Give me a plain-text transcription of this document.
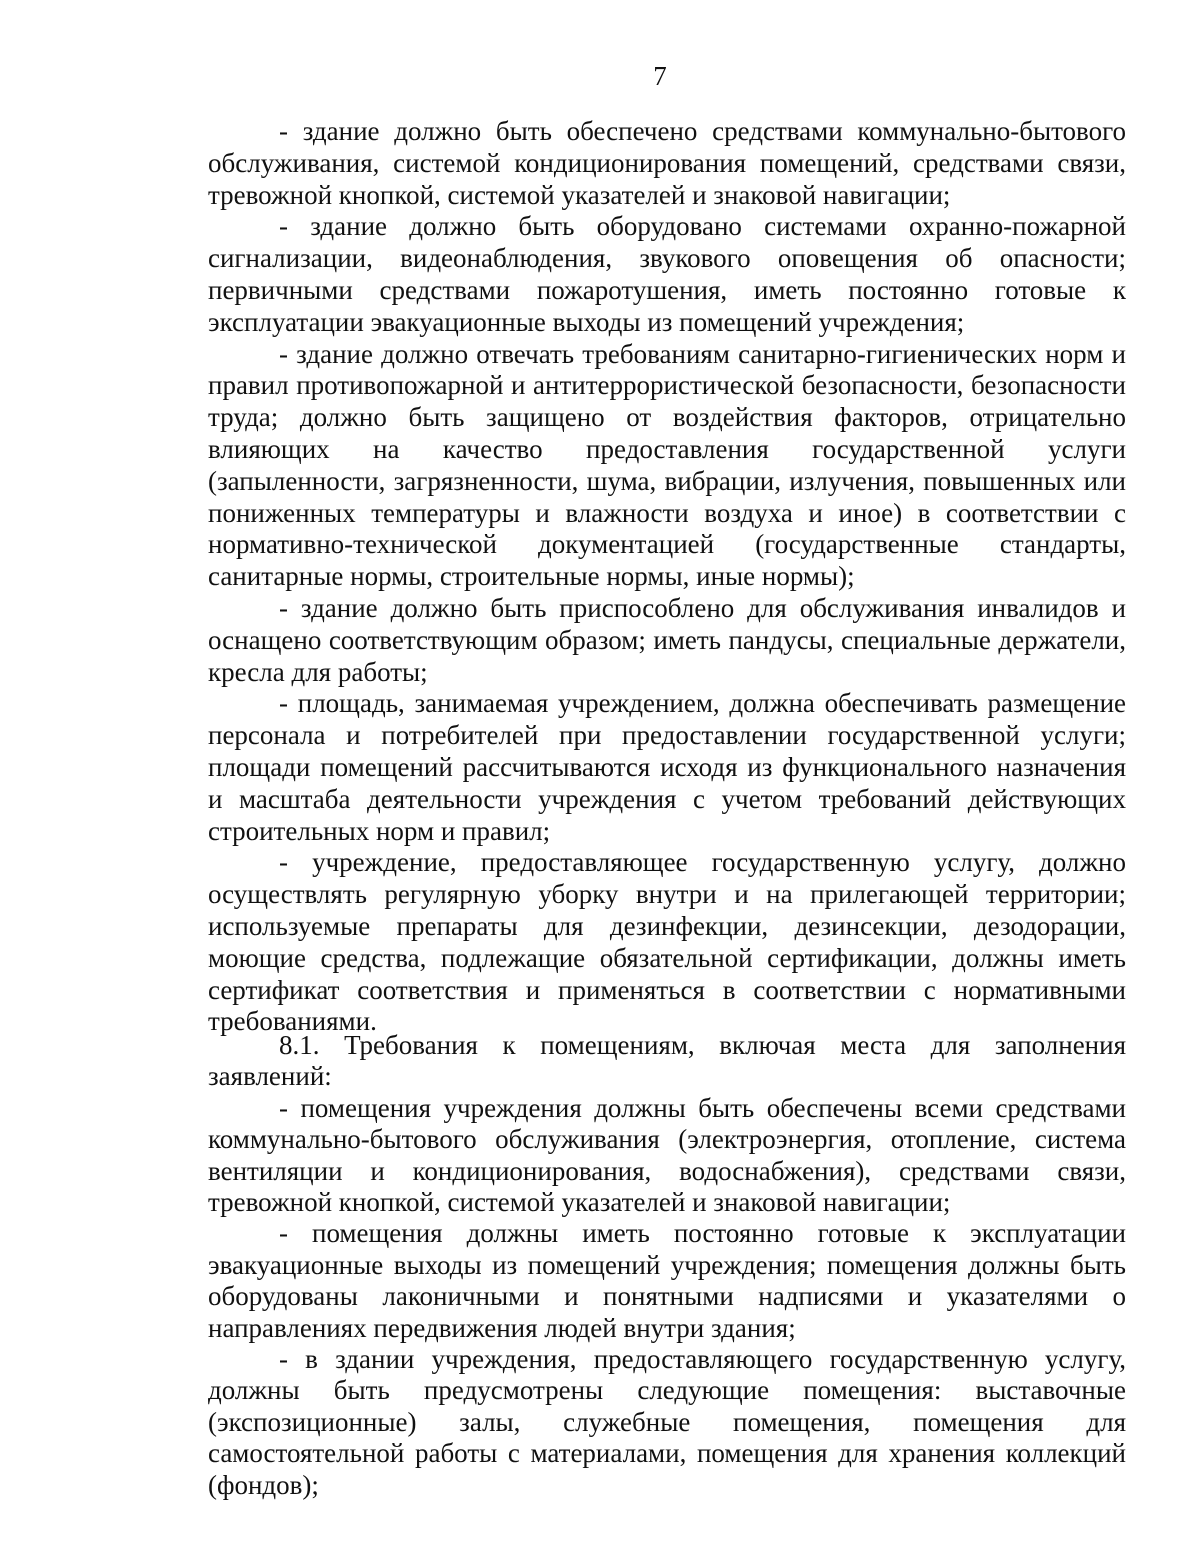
7

- здание должно быть обеспечено средствами коммунально-бытового обслуживания, системой кондиционирования помещений, средствами связи, тревожной кнопкой, системой указателей и знаковой навигации;

- здание должно быть оборудовано системами охранно-пожарной сигнализации, видеонаблюдения, звукового оповещения об опасности; первичными средствами пожаротушения, иметь постоянно готовые к эксплуатации эвакуационные выходы из помещений учреждения;

- здание должно отвечать требованиям санитарно-гигиенических норм и правил противопожарной и антитеррористической безопасности, безопасности труда; должно быть защищено от воздействия факторов, отрицательно влияющих на качество предоставления государственной услуги (запыленности, загрязненности, шума, вибрации, излучения, повышенных или пониженных температуры и влажности воздуха и иное) в соответствии с нормативно-технической документацией (государственные стандарты, санитарные нормы, строительные нормы, иные нормы);

- здание должно быть приспособлено для обслуживания инвалидов и оснащено соответствующим образом; иметь пандусы, специальные держатели, кресла для работы;

- площадь, занимаемая учреждением, должна обеспечивать размещение персонала и потребителей при предоставлении государственной услуги; площади помещений рассчитываются исходя из функционального назначения и масштаба деятельности учреждения с учетом требований действующих строительных норм и правил;

- учреждение, предоставляющее государственную услугу, должно осуществлять регулярную уборку внутри и на прилегающей территории; используемые препараты для дезинфекции, дезинсекции, дезодорации, моющие средства, подлежащие обязательной сертификации, должны иметь сертификат соответствия и применяться в соответствии с нормативными требованиями.

8.1. Требования к помещениям, включая места для заполнения заявлений:

- помещения учреждения должны быть обеспечены всеми средствами коммунально-бытового обслуживания (электроэнергия, отопление, система вентиляции и кондиционирования, водоснабжения), средствами связи, тревожной кнопкой, системой указателей и знаковой навигации;

- помещения должны иметь постоянно готовые к эксплуатации эвакуационные выходы из помещений учреждения; помещения должны быть оборудованы лаконичными и понятными надписями и указателями о направлениях передвижения людей внутри здания;

- в здании учреждения, предоставляющего государственную услугу, должны быть предусмотрены следующие помещения: выставочные (экспозиционные) залы, служебные помещения, помещения для самостоятельной работы с материалами, помещения для хранения коллекций (фондов);
